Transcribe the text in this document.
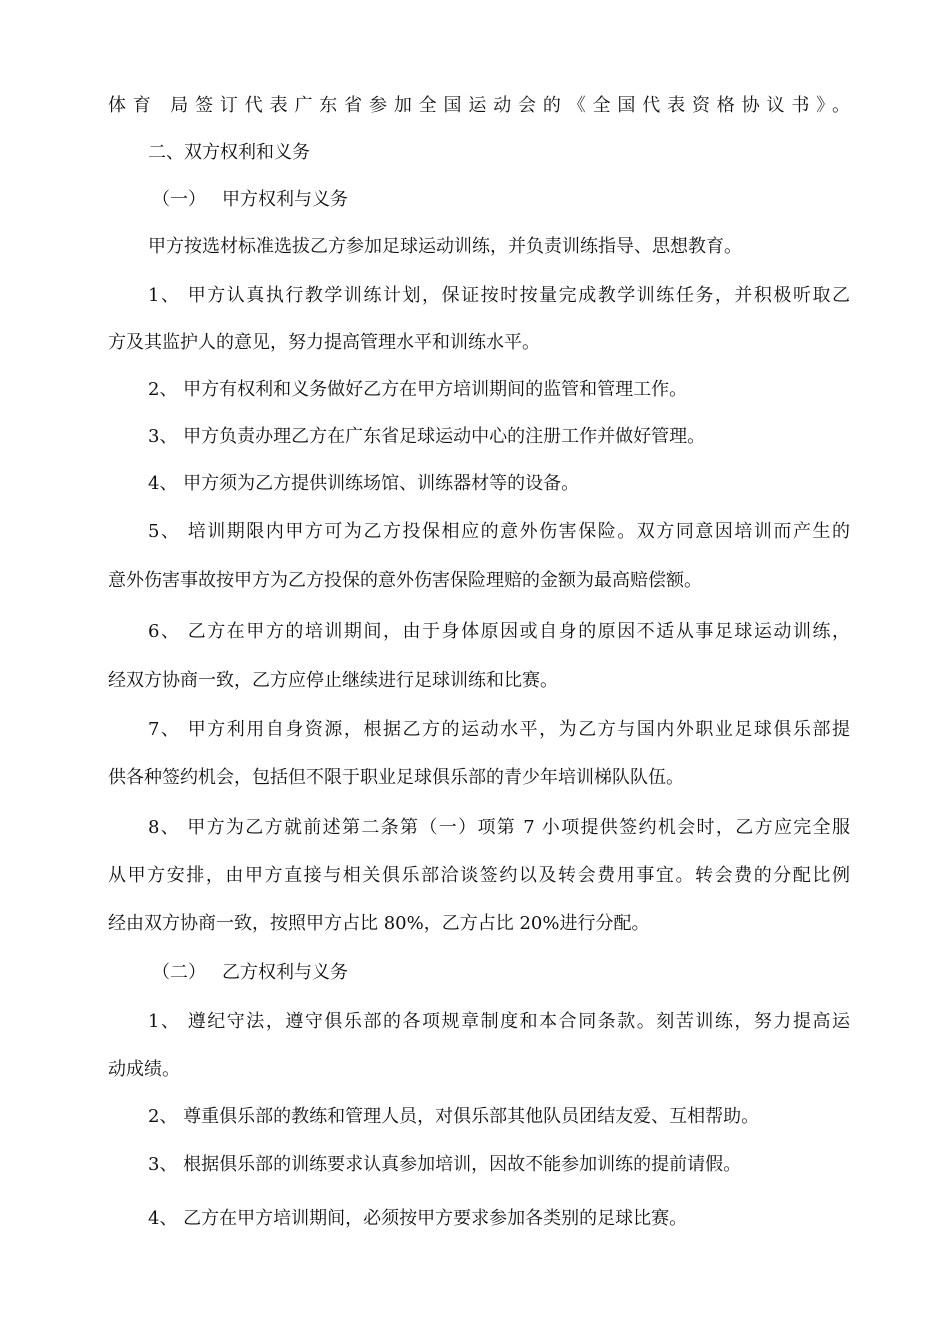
体育 局签订代表广东省参加全国运动会的《全国代表资格协议书》。
二、双方权利和义务
（一） 甲方权利与义务
甲方按选材标准选拔乙方参加足球运动训练，并负责训练指导、思想教育。
1、 甲方认真执行教学训练计划，保证按时按量完成教学训练任务，并积极听取乙
方及其监护人的意见，努力提高管理水平和训练水平。
2、 甲方有权利和义务做好乙方在甲方培训期间的监管和管理工作。
3、 甲方负责办理乙方在广东省足球运动中心的注册工作并做好管理。
4、 甲方须为乙方提供训练场馆、训练器材等的设备。
5、 培训期限内甲方可为乙方投保相应的意外伤害保险。双方同意因培训而产生的
意外伤害事故按甲方为乙方投保的意外伤害保险理赔的金额为最高赔偿额。
6、 乙方在甲方的培训期间，由于身体原因或自身的原因不适从事足球运动训练，
经双方协商一致，乙方应停止继续进行足球训练和比赛。
7、 甲方利用自身资源，根据乙方的运动水平，为乙方与国内外职业足球俱乐部提
供各种签约机会，包括但不限于职业足球俱乐部的青少年培训梯队队伍。
8、 甲方为乙方就前述第二条第（一）项第 7 小项提供签约机会时，乙方应完全服
从甲方安排，由甲方直接与相关俱乐部洽谈签约以及转会费用事宜。转会费的分配比例
经由双方协商一致，按照甲方占比 80%，乙方占比 20%进行分配。
（二） 乙方权利与义务
1、 遵纪守法，遵守俱乐部的各项规章制度和本合同条款。刻苦训练，努力提高运
动成绩。
2、 尊重俱乐部的教练和管理人员，对俱乐部其他队员团结友爱、互相帮助。
3、 根据俱乐部的训练要求认真参加培训，因故不能参加训练的提前请假。
4、 乙方在甲方培训期间，必须按甲方要求参加各类别的足球比赛。
